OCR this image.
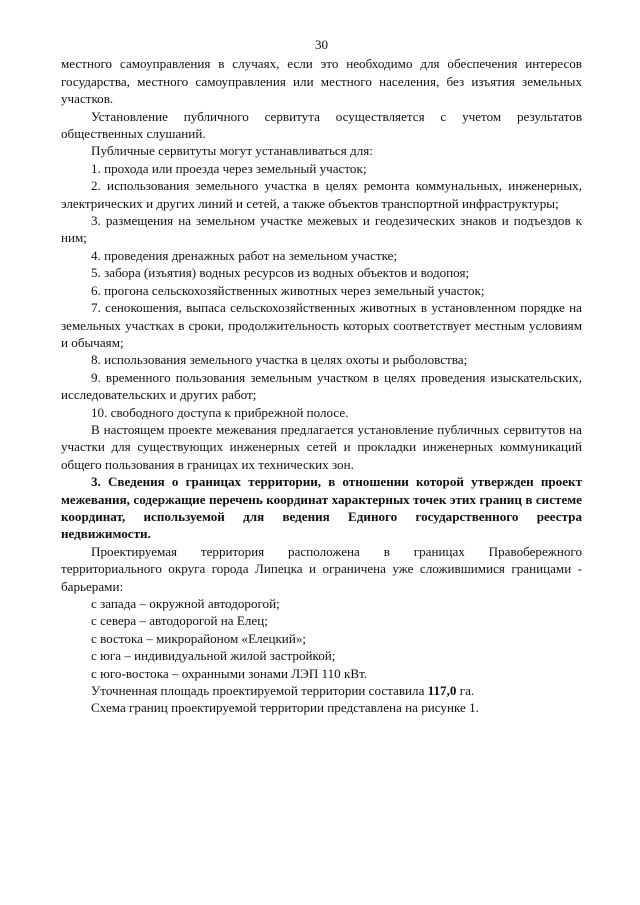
30

местного самоуправления в случаях, если это необходимо для обеспечения интересов государства, местного самоуправления или местного населения, без изъятия земельных участков.

Установление публичного сервитута осуществляется с учетом результатов общественных слушаний.

Публичные сервитуты могут устанавливаться для:

1. прохода или проезда через земельный участок;

2. использования земельного участка в целях ремонта коммунальных, инженерных, электрических и других линий и сетей, а также объектов транспортной инфраструктуры;

3. размещения на земельном участке межевых и геодезических знаков и подъездов к ним;

4. проведения дренажных работ на земельном участке;

5. забора (изъятия) водных ресурсов из водных объектов и водопоя;

6. прогона сельскохозяйственных животных через земельный участок;

7. сенокошения, выпаса сельскохозяйственных животных в установленном порядке на земельных участках в сроки, продолжительность которых соответствует местным условиям и обычаям;

8. использования земельного участка в целях охоты и рыболовства;

9. временного пользования земельным участком в целях проведения изыскательских, исследовательских и других работ;

10. свободного доступа к прибрежной полосе.

В настоящем проекте межевания предлагается установление публичных сервитутов на участки для существующих инженерных сетей и прокладки инженерных коммуникаций общего пользования в границах их технических зон.

3. Сведения о границах территории, в отношении которой утвержден проект межевания, содержащие перечень координат характерных точек этих границ в системе координат, используемой для ведения Единого государственного реестра недвижимости.

Проектируемая территория расположена в границах Правобережного территориального округа города Липецка и ограничена уже сложившимися границами - барьерами:

с запада – окружной автодорогой;

с севера – автодорогой на Елец;

с востока – микрорайоном «Елецкий»;

с юга – индивидуальной жилой застройкой;

с юго-востока – охранными зонами ЛЭП 110 кВт.

Уточненная площадь проектируемой территории составила 117,0 га.

Схема границ проектируемой территории представлена на рисунке 1.
